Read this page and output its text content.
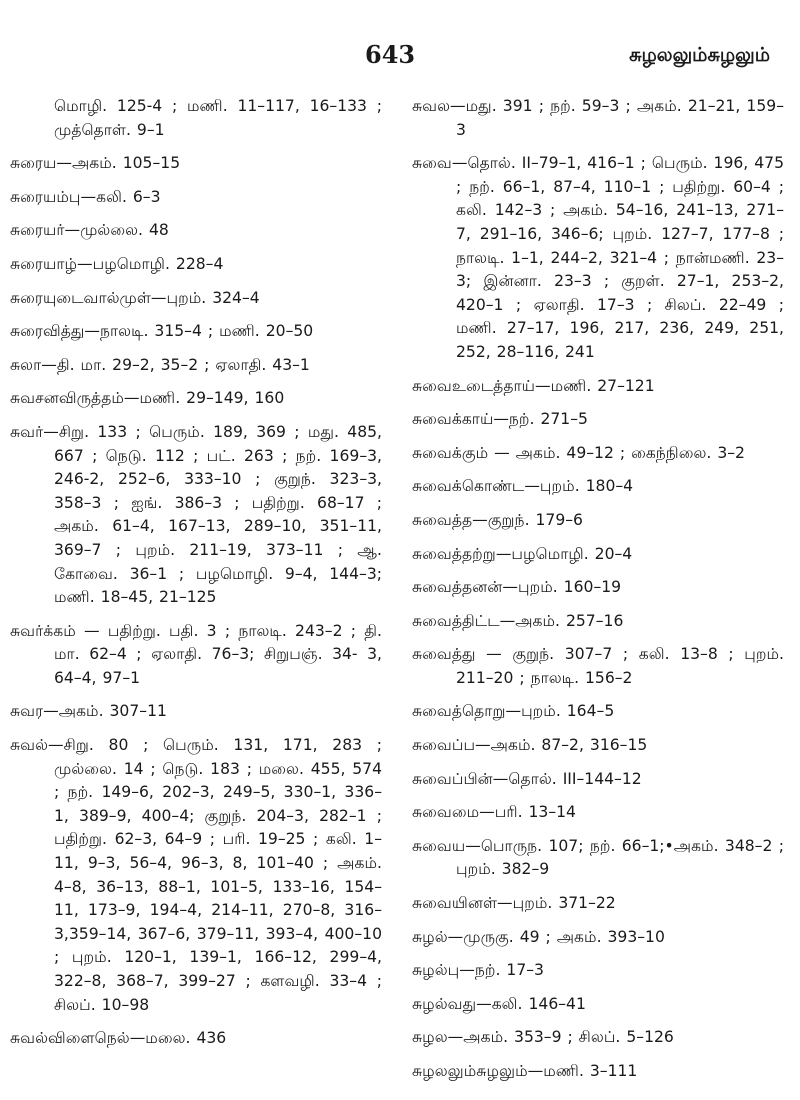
643	சுழலலும்சுழலும்

மொழி. 125-4 ; மணி. 11–117, 16–133 ; முத்தொள். 9–1

சுரைய—அகம். 105–15

சுரையம்பு—கலி. 6–3

சுரையர்—முல்லை. 48

சுரையாழ்—பழமொழி. 228–4

சுரையுடைவால்முள்—புறம். 324–4

சுரைவித்து—நாலடி. 315–4 ; மணி. 20–50

சுலா—தி. மா. 29–2, 35–2 ; ஏலாதி. 43–1

சுவசனவிருத்தம்—மணி. 29–149, 160

சுவர்—சிறு. 133 ; பெரும். 189, 369 ; மது. 485, 667 ; நெடு. 112 ; பட். 263 ; நற். 169–3, 246-2, 252–6, 333–10 ; குறுந். 323–3, 358–3 ; ஐங். 386–3 ; பதிற்று. 68–17 ; அகம். 61–4, 167–13, 289–10, 351–11, 369–7 ; புறம். 211–19, 373–11 ; ஆ. கோவை. 36–1 ; பழமொழி. 9–4, 144–3; மணி. 18–45, 21–125

சுவர்க்கம் — பதிற்று. பதி. 3 ; நாலடி. 243–2 ; தி. மா. 62–4 ; ஏலாதி. 76–3; சிறுபஞ். 34- 3, 64–4, 97–1

சுவர—அகம். 307–11

சுவல்—சிறு. 80 ; பெரும். 131, 171, 283 ; முல்லை. 14 ; நெடு. 183 ; மலை. 455, 574 ; நற். 149–6, 202–3, 249–5, 330–1, 336–1, 389–9, 400–4; குறுந். 204–3, 282–1 ; பதிற்று. 62–3, 64–9 ; பரி. 19–25 ; கலி. 1–11, 9–3, 56–4, 96–3, 8, 101–40 ; அகம். 4–8, 36–13, 88–1, 101–5, 133–16, 154–11, 173–9, 194–4, 214–11, 270–8, 316–3,359–14, 367–6, 379–11, 393–4, 400–10 ; புறம். 120–1, 139–1, 166–12, 299–4, 322–8, 368–7, 399–27 ; களவழி. 33–4 ; சிலப். 10–98

சுவல்விளைநெல்—மலை. 436

சுவல—மது. 391 ; நற். 59–3 ; அகம். 21–21, 159–3

சுவை—தொல். II–79–1, 416–1 ; பெரும். 196, 475 ; நற். 66–1, 87–4, 110–1 ; பதிற்று. 60–4 ; கலி. 142–3 ; அகம். 54–16, 241–13, 271–7, 291–16, 346–6; புறம். 127–7, 177–8 ; நாலடி. 1–1, 244–2, 321–4 ; நான்மணி. 23–3; இன்னா. 23–3 ; குறள். 27–1, 253–2, 420–1 ; ஏலாதி. 17–3 ; சிலப். 22–49 ; மணி. 27–17, 196, 217, 236, 249, 251, 252, 28–116, 241

சுவைஉடைத்தாய்—மணி. 27–121

சுவைக்காய்—நற். 271–5

சுவைக்கும் — அகம். 49–12 ; கைந்நிலை. 3–2

சுவைக்கொண்ட—புறம். 180–4

சுவைத்த—குறுந். 179–6

சுவைத்தற்று—பழமொழி. 20–4

சுவைத்தனன்—புறம். 160–19

சுவைத்திட்ட—அகம். 257–16

சுவைத்து — குறுந். 307–7 ; கலி. 13–8 ; புறம். 211–20 ; நாலடி. 156–2

சுவைத்தொறு—புறம். 164–5

சுவைப்ப—அகம். 87–2, 316–15

சுவைப்பின்—தொல். III–144–12

சுவைமை—பரி. 13–14

சுவைய—பொருந. 107; நற். 66–1;•அகம். 348–2 ; புறம். 382–9

சுவையினள்—புறம். 371–22

சுழல்—முருகு. 49 ; அகம். 393–10

சுழல்பு—நற். 17–3

சுழல்வது—கலி. 146–41

சுழல—அகம். 353–9 ; சிலப். 5–126

சுழலலும்சுழலும்—மணி. 3–111
